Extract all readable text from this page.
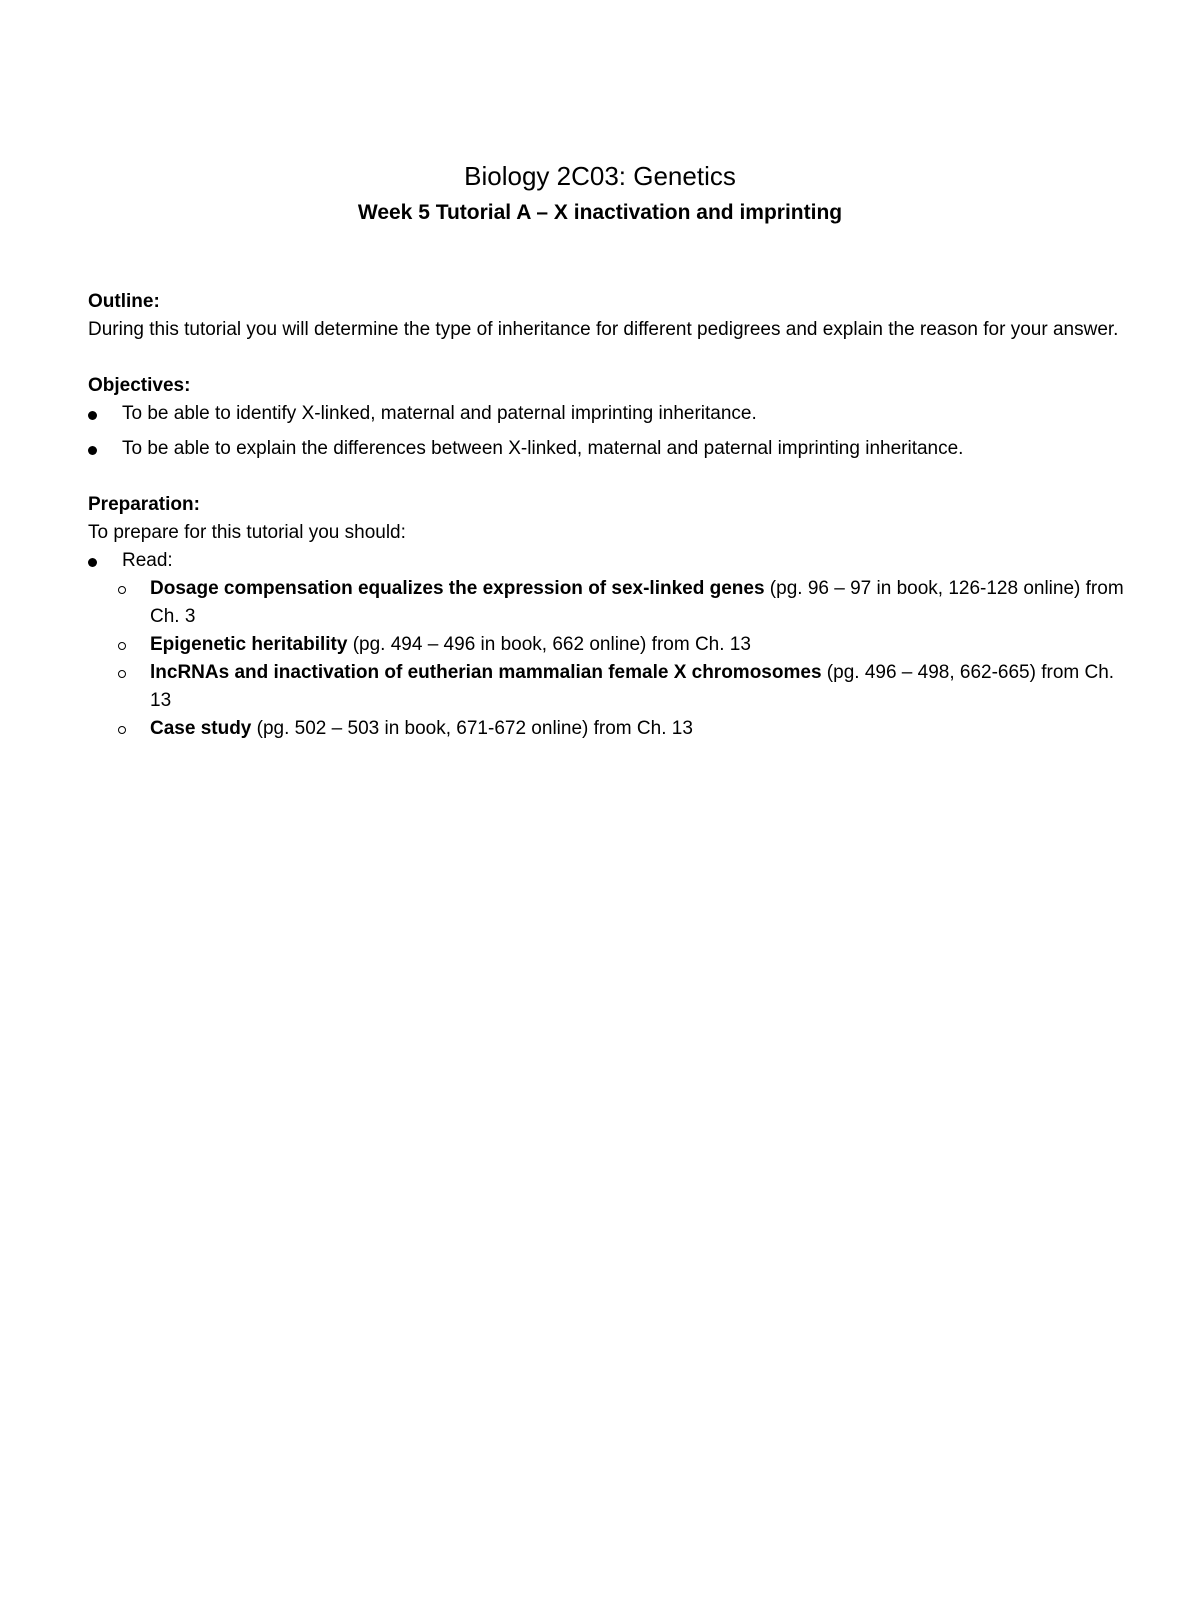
Biology 2C03: Genetics
Week 5 Tutorial A – X inactivation and imprinting

Outline:

During this tutorial you will determine the type of inheritance for different pedigrees and explain the reason for your answer.

Objectives:

To be able to identify X-linked, maternal and paternal imprinting inheritance.
To be able to explain the differences between X-linked, maternal and paternal imprinting inheritance.

Preparation:

To prepare for this tutorial you should:

Read:
Dosage compensation equalizes the expression of sex-linked genes (pg. 96 – 97 in book, 126-128 online) from Ch. 3
Epigenetic heritability (pg. 494 – 496 in book, 662 online) from Ch. 13
lncRNAs and inactivation of eutherian mammalian female X chromosomes (pg. 496 – 498, 662-665) from Ch. 13
Case study (pg. 502 – 503 in book, 671-672 online) from Ch. 13
